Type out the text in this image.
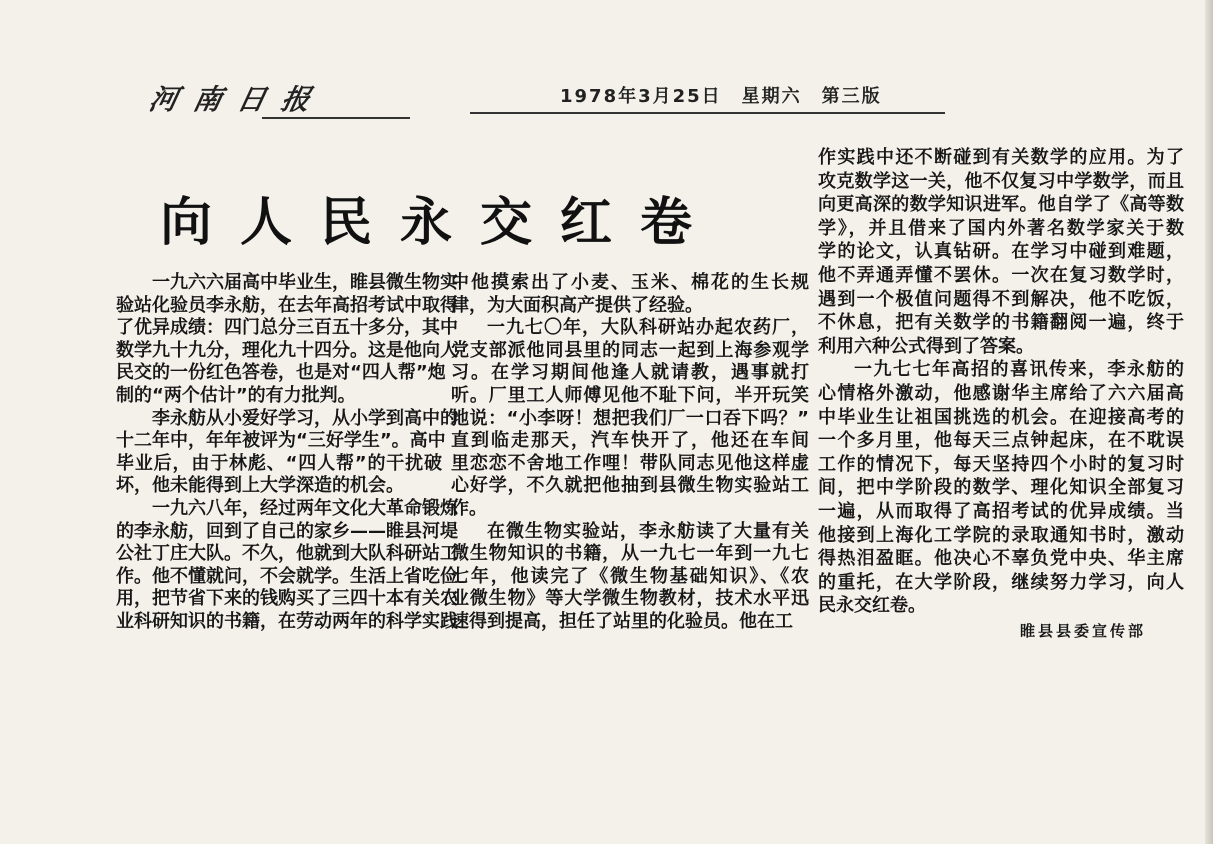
河南日报	1978年3月25日 星期六 第三版
向人民永交红卷
一九六六届高中毕业生，睢县微生物实
验站化验员李永舫，在去年高招考试中取得
了优异成绩：四门总分三百五十多分，其中
数学九十九分，理化九十四分。这是他向人
民交的一份红色答卷，也是对“四人帮”炮
制的“两个估计”的有力批判。
李永舫从小爱好学习，从小学到高中的
十二年中，年年被评为“三好学生”。高中
毕业后，由于林彪、“四人帮”的干扰破
坏，他未能得到上大学深造的机会。
一九六八年，经过两年文化大革命锻炼
的李永舫，回到了自己的家乡——睢县河堤
公社丁庄大队。不久，他就到大队科研站工
作。他不懂就问，不会就学。生活上省吃俭
用，把节省下来的钱购买了三四十本有关农
业科研知识的书籍，在劳动两年的科学实践
中他摸索出了小麦、玉米、棉花的生长规
律，为大面积高产提供了经验。
一九七〇年，大队科研站办起农药厂，
党支部派他同县里的同志一起到上海参观学
习。在学习期间他逢人就请教，遇事就打
听。厂里工人师傅见他不耻下问，半开玩笑
地说：“小李呀！想把我们厂一口吞下吗？”
直到临走那天，汽车快开了，他还在车间
里恋恋不舍地工作哩！带队同志见他这样虚
心好学，不久就把他抽到县微生物实验站工
作。
在微生物实验站，李永舫读了大量有关
微生物知识的书籍，从一九七一年到一九七
七年，他读完了《微生物基础知识》、《农
业微生物》等大学微生物教材，技术水平迅
速得到提高，担任了站里的化验员。他在工
作实践中还不断碰到有关数学的应用。为了
攻克数学这一关，他不仅复习中学数学，而且
向更高深的数学知识进军。他自学了《高等数
学》，并且借来了国内外著名数学家关于数
学的论文，认真钻研。在学习中碰到难题，
他不弄通弄懂不罢休。一次在复习数学时，
遇到一个极值问题得不到解决，他不吃饭，
不休息，把有关数学的书籍翻阅一遍，终于
利用六种公式得到了答案。
一九七七年高招的喜讯传来，李永舫的
心情格外激动，他感谢华主席给了六六届高
中毕业生让祖国挑选的机会。在迎接高考的
一个多月里，他每天三点钟起床，在不耽误
工作的情况下，每天坚持四个小时的复习时
间，把中学阶段的数学、理化知识全部复习
一遍，从而取得了高招考试的优异成绩。当
他接到上海化工学院的录取通知书时，激动
得热泪盈眶。他决心不辜负党中央、华主席
的重托，在大学阶段，继续努力学习，向人
民永交红卷。
睢县县委宣传部
